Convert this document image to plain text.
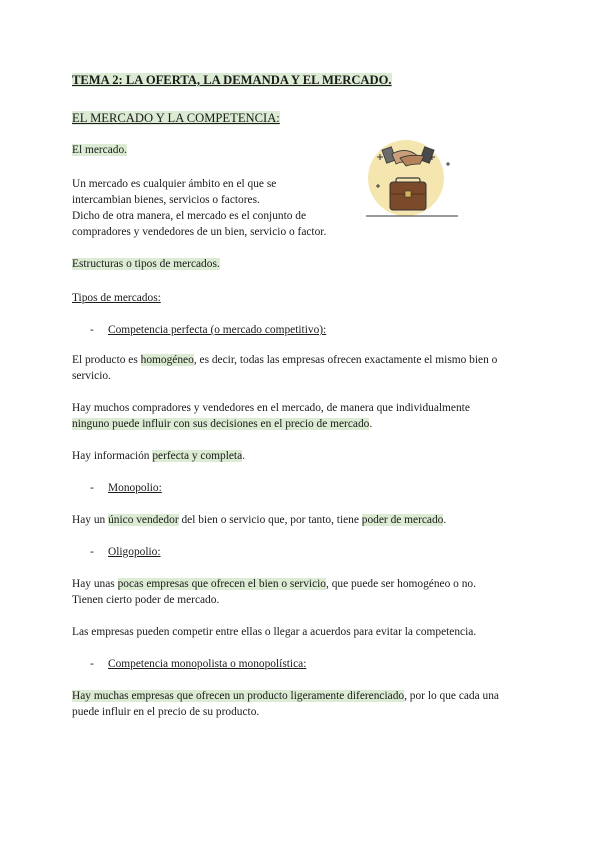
TEMA 2: LA OFERTA, LA DEMANDA Y EL MERCADO.
EL MERCADO Y LA COMPETENCIA:
El mercado.
Un mercado es cualquier ámbito en el que se
intercambian bienes, servicios o factores.
Dicho de otra manera, el mercado es el conjunto de
compradores y vendedores de un bien, servicio o factor.
Estructuras o tipos de mercados.
Tipos de mercados:
- Competencia perfecta (o mercado competitivo):
El producto es homogéneo, es decir, todas las empresas ofrecen exactamente el mismo bien o
servicio.
Hay muchos compradores y vendedores en el mercado, de manera que individualmente
ninguno puede influir con sus decisiones en el precio de mercado.
Hay información perfecta y completa.
- Monopolio:
Hay un único vendedor del bien o servicio que, por tanto, tiene poder de mercado.
- Oligopolio:
Hay unas pocas empresas que ofrecen el bien o servicio, que puede ser homogéneo o no.
Tienen cierto poder de mercado.
Las empresas pueden competir entre ellas o llegar a acuerdos para evitar la competencia.
- Competencia monopolista o monopolística:
Hay muchas empresas que ofrecen un producto ligeramente diferenciado, por lo que cada una
puede influir en el precio de su producto.
